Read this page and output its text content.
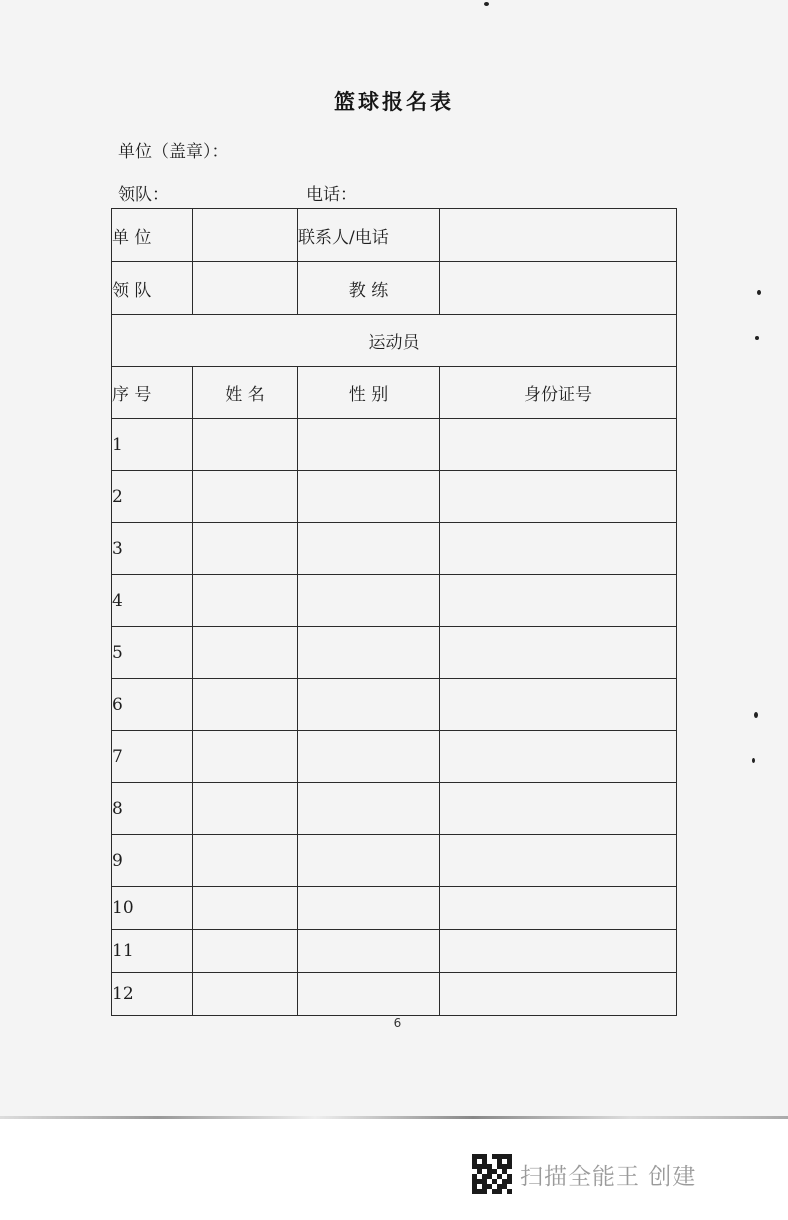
篮球报名表
单位（盖章）：
领队：	电话：
单 位		联系人/电话	
领 队		教 练	
运动员			
序 号	姓 名	性 别	身份证号
1			
2			
3			
4			
5			
6			
7			
8			
9			
10			
11			
12			
6
扫描全能王 创建
